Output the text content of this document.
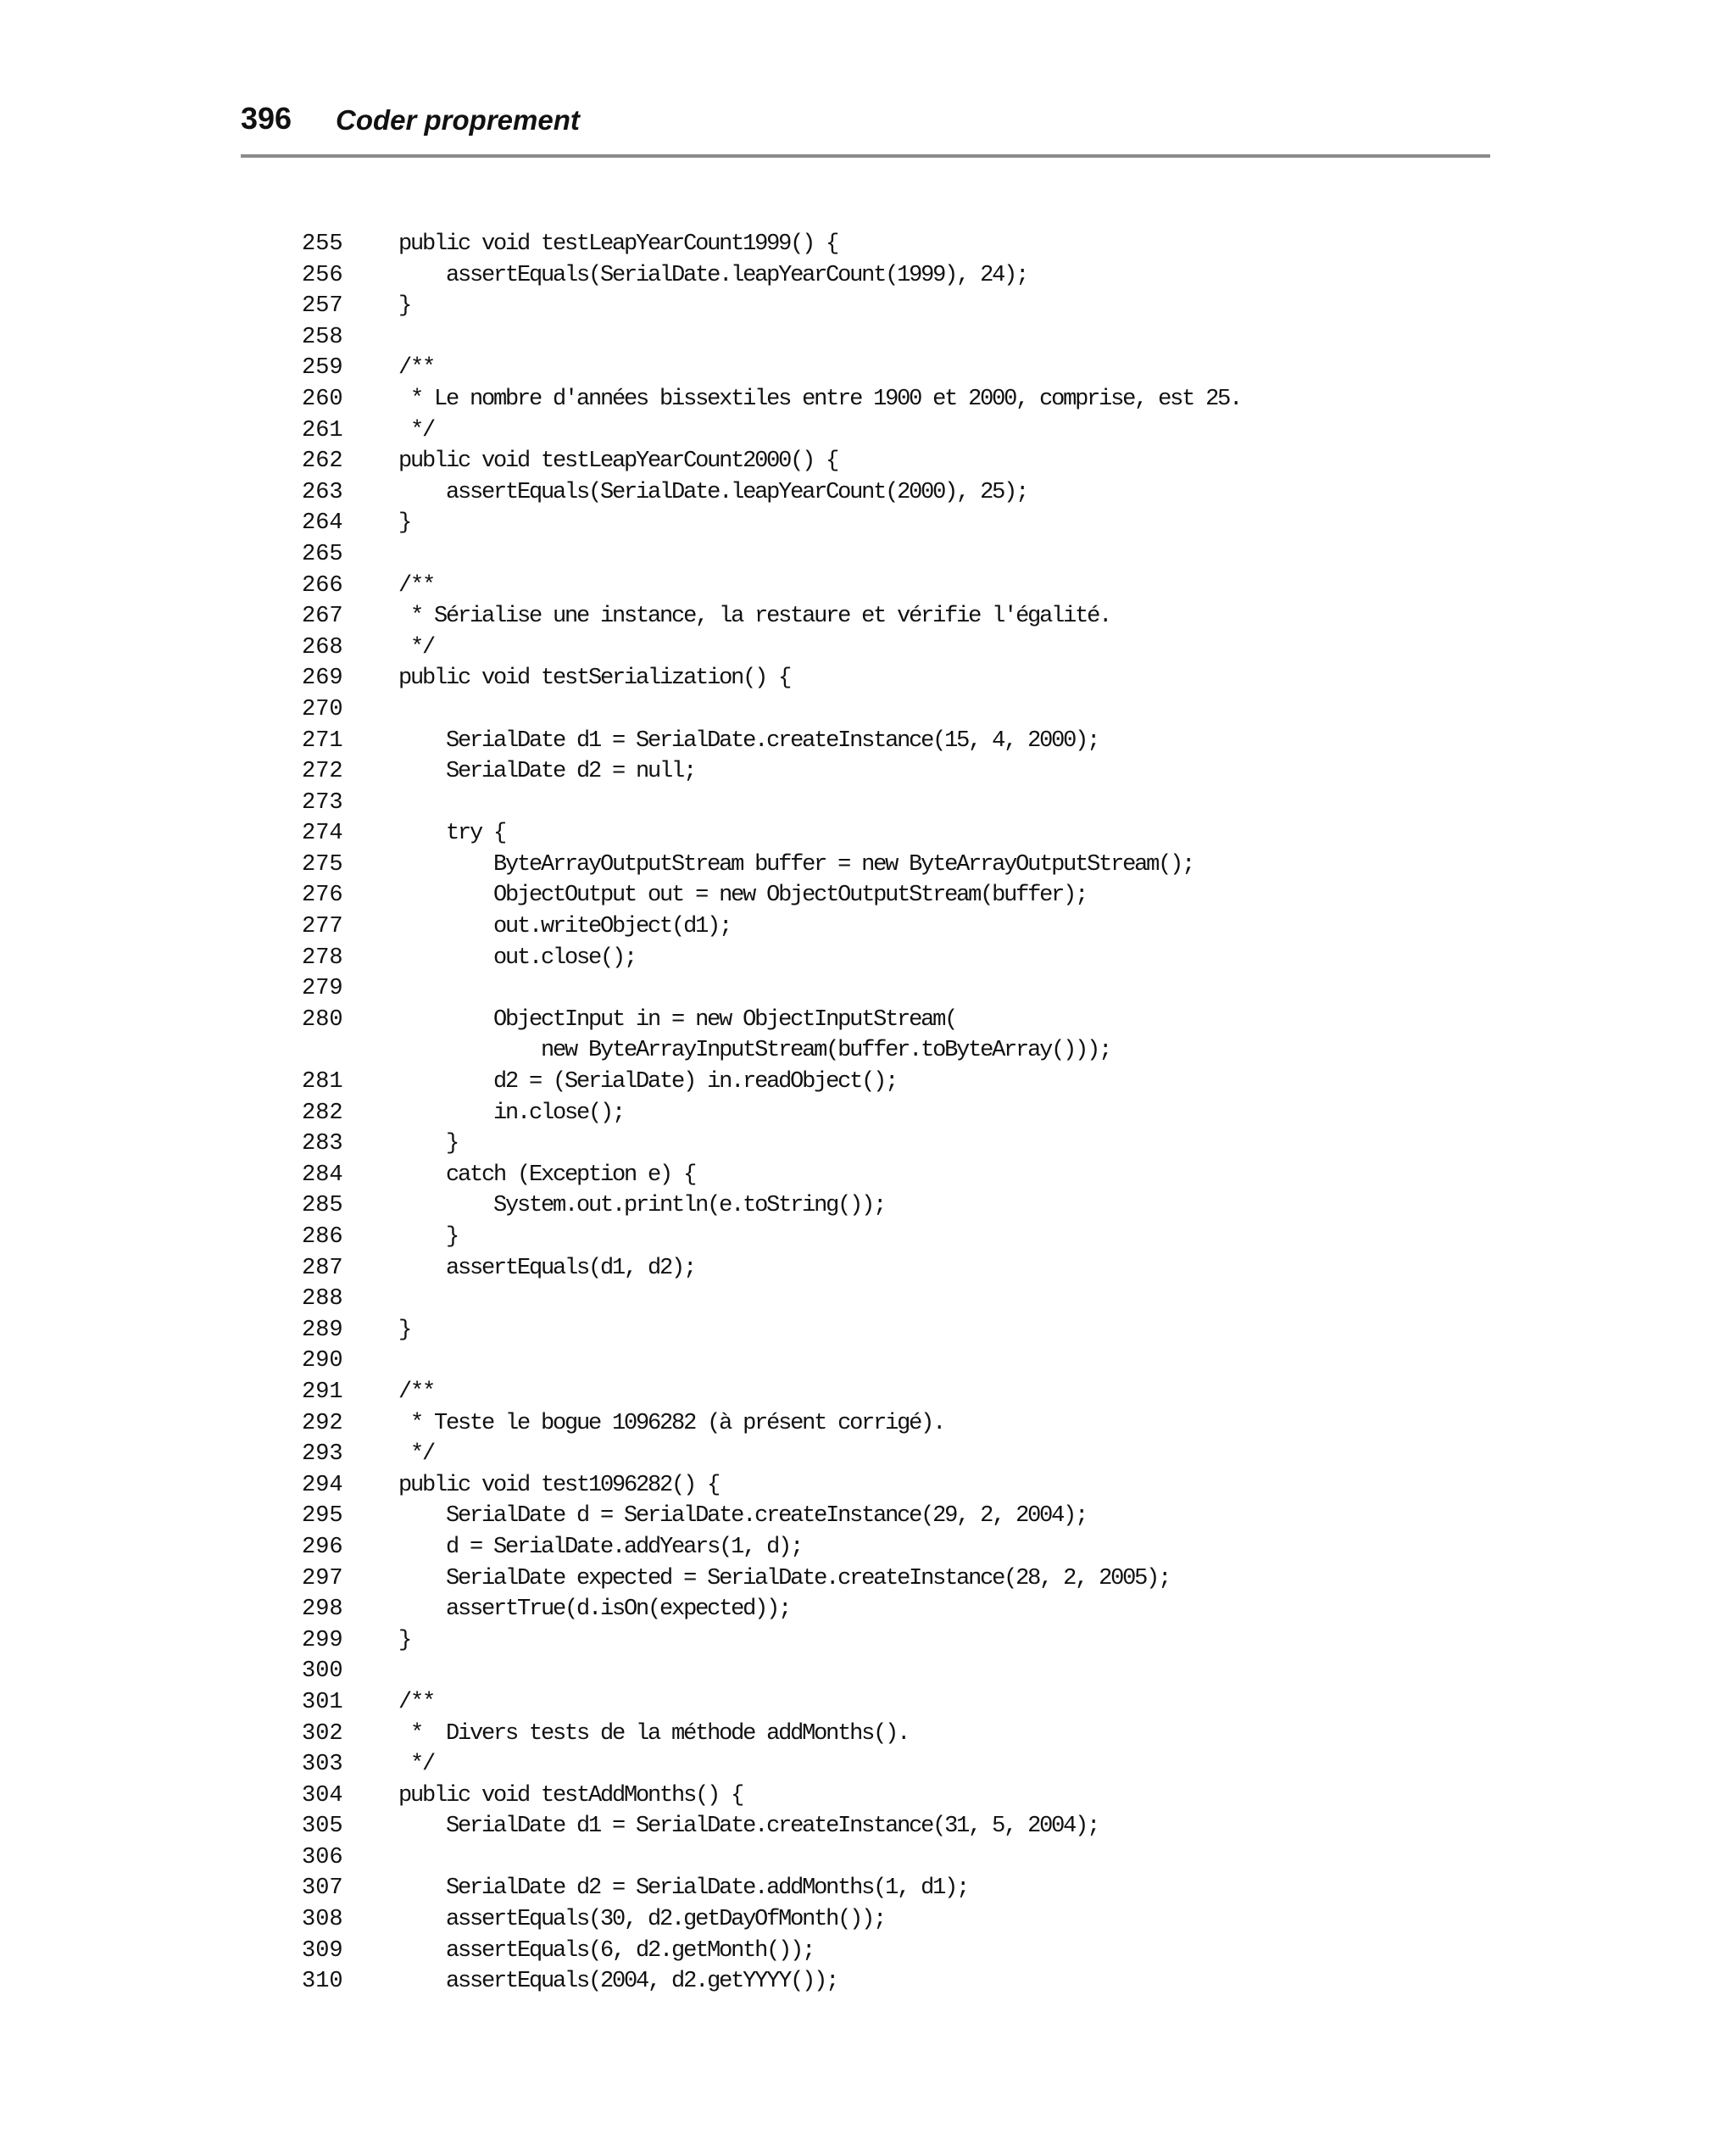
396 Coder proprement
255 public void testLeapYearCount1999() {
256 assertEquals(SerialDate.leapYearCount(1999), 24);
257 }
258
259 /**
260 * Le nombre d'années bissextiles entre 1900 et 2000, comprise, est 25.
261 */
262 public void testLeapYearCount2000() {
263 assertEquals(SerialDate.leapYearCount(2000), 25);
264 }
265
266 /**
267 * Sérialise une instance, la restaure et vérifie l'égalité.
268 */
269 public void testSerialization() {
270
271 SerialDate d1 = SerialDate.createInstance(15, 4, 2000);
272 SerialDate d2 = null;
273
274 try {
275 ByteArrayOutputStream buffer = new ByteArrayOutputStream();
276 ObjectOutput out = new ObjectOutputStream(buffer);
277 out.writeObject(d1);
278 out.close();
279
280 ObjectInput in = new ObjectInputStream(
new ByteArrayInputStream(buffer.toByteArray()));
281 d2 = (SerialDate) in.readObject();
282 in.close();
283 }
284 catch (Exception e) {
285 System.out.println(e.toString());
286 }
287 assertEquals(d1, d2);
288
289 }
290
291 /**
292 * Teste le bogue 1096282 (à présent corrigé).
293 */
294 public void test1096282() {
295 SerialDate d = SerialDate.createInstance(29, 2, 2004);
296 d = SerialDate.addYears(1, d);
297 SerialDate expected = SerialDate.createInstance(28, 2, 2005);
298 assertTrue(d.isOn(expected));
299 }
300
301 /**
302 *  Divers tests de la méthode addMonths().
303 */
304 public void testAddMonths() {
305 SerialDate d1 = SerialDate.createInstance(31, 5, 2004);
306
307 SerialDate d2 = SerialDate.addMonths(1, d1);
308 assertEquals(30, d2.getDayOfMonth());
309 assertEquals(6, d2.getMonth());
310 assertEquals(2004, d2.getYYYY());
